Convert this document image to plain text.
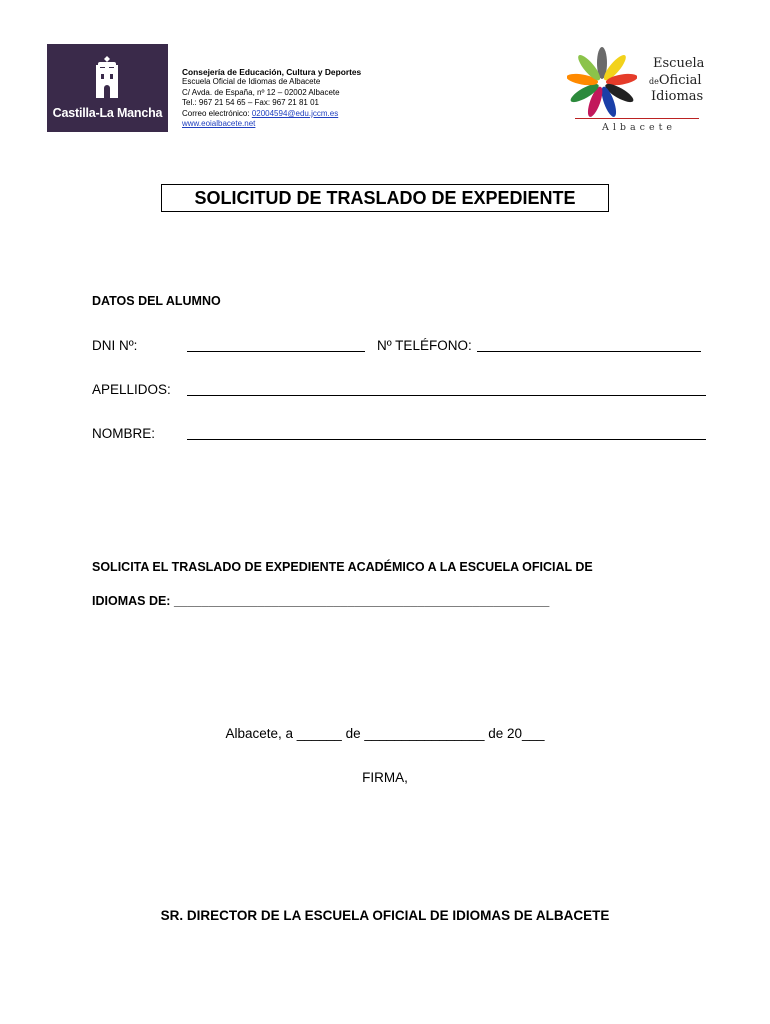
Castilla-La Mancha
Consejería de Educación, Cultura y Deportes
Escuela Oficial de Idiomas de Albacete
C/ Avda. de España, nº 12 – 02002 Albacete
Tel.: 967 21 54 65 – Fax: 967 21 81 01
Correo electrónico: 02004594@edu.jccm.es
www.eoialbacete.net
Escuela
deOficial
Idiomas
Albacete
SOLICITUD DE TRASLADO DE EXPEDIENTE
DATOS DEL ALUMNO
DNI Nº:	Nº TELÉFONO:
APELLIDOS:
NOMBRE:
SOLICITA EL TRASLADO DE EXPEDIENTE ACADÉMICO A LA ESCUELA OFICIAL DE
IDIOMAS DE: ______________________________________________________
Albacete, a ______ de ________________ de 20___
FIRMA,
SR. DIRECTOR DE LA ESCUELA OFICIAL DE IDIOMAS DE ALBACETE
